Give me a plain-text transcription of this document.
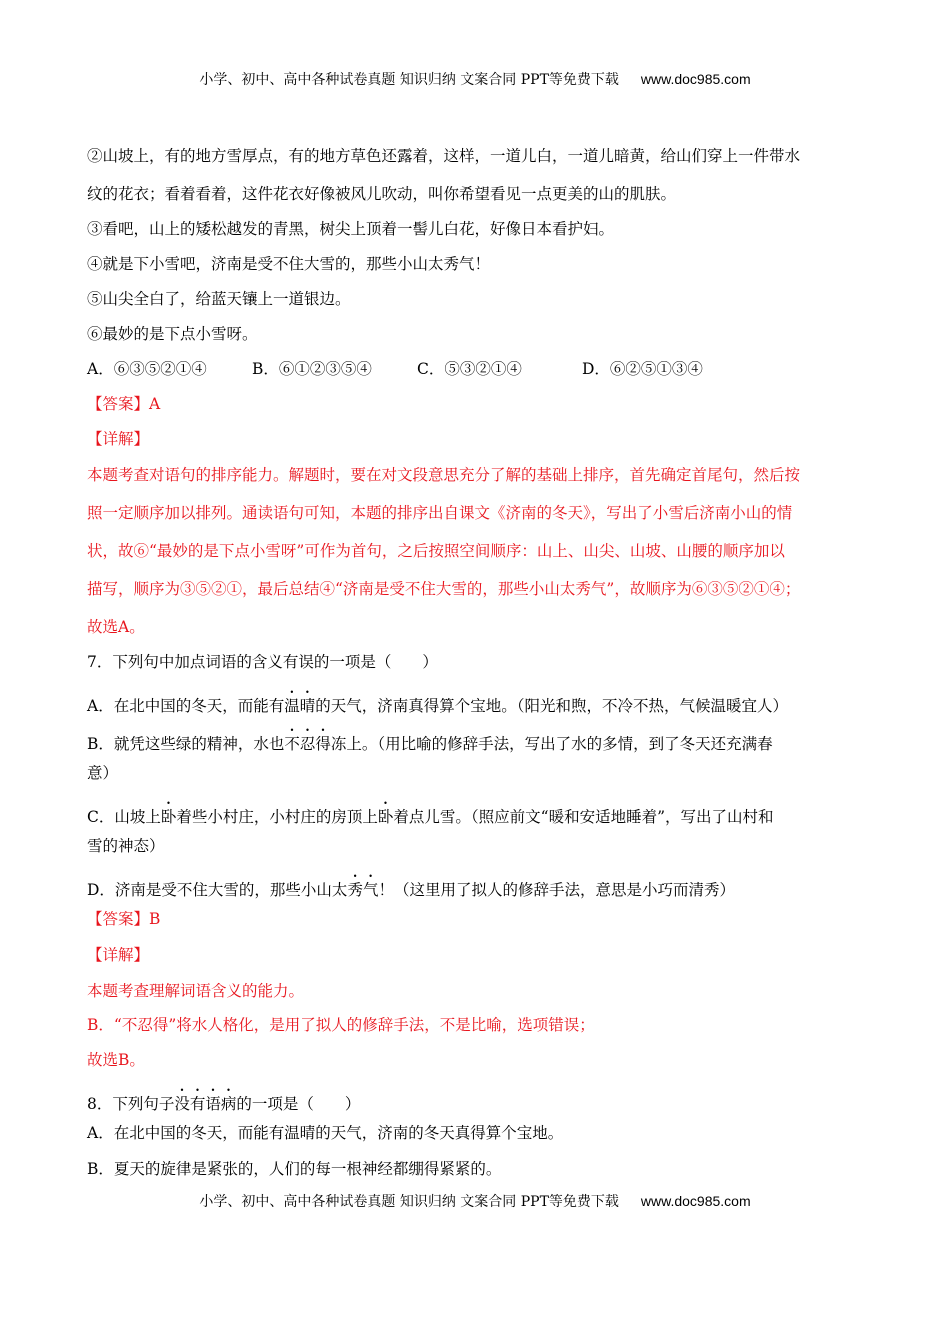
小学、初中、高中各种试卷真题 知识归纳 文案合同 PPT等免费下载 www.doc985.com
②山坡上，有的地方雪厚点，有的地方草色还露着，这样，一道儿白，一道儿暗黄，给山们穿上一件带水
纹的花衣；看着看着，这件花衣好像被风儿吹动，叫你希望看见一点更美的山的肌肤。
③看吧，山上的矮松越发的青黑，树尖上顶着一髻儿白花，好像日本看护妇。
④就是下小雪吧，济南是受不住大雪的，那些小山太秀气！
⑤山尖全白了，给蓝天镶上一道银边。
⑥最妙的是下点小雪呀。
A．⑥③⑤②①④	B．⑥①②③⑤④	C．⑤③②①④	D．⑥②⑤①③④
【答案】A
【详解】
本题考查对语句的排序能力。解题时，要在对文段意思充分了解的基础上排序，首先确定首尾句，然后按
照一定顺序加以排列。通读语句可知，本题的排序出自课文《济南的冬天》，写出了小雪后济南小山的情
状，故⑥“最妙的是下点小雪呀”可作为首句，之后按照空间顺序：山上、山尖、山坡、山腰的顺序加以
描写，顺序为③⑤②①，最后总结④“济南是受不住大雪的，那些小山太秀气”，故顺序为⑥③⑤②①④；
故选A。
7．下列句中加点词语的含义有误的一项是（　　）
A．在北中国的冬天，而能有温晴的天气，济南真得算个宝地。（阳光和煦，不冷不热，气候温暖宜人）
B．就凭这些绿的精神，水也不忍得冻上。（用比喻的修辞手法，写出了水的多情，到了冬天还充满春
意）
C．山坡上卧着些小村庄，小村庄的房顶上卧着点儿雪。（照应前文“暖和安适地睡着”，写出了山村和
雪的神态）
D．济南是受不住大雪的，那些小山太秀气！（这里用了拟人的修辞手法，意思是小巧而清秀）
【答案】B
【详解】
本题考查理解词语含义的能力。
B．“不忍得”将水人格化，是用了拟人的修辞手法，不是比喻，选项错误；
故选B。
8．下列句子没有语病的一项是（　　）
A．在北中国的冬天，而能有温晴的天气，济南的冬天真得算个宝地。
B．夏天的旋律是紧张的，人们的每一根神经都绷得紧紧的。
小学、初中、高中各种试卷真题 知识归纳 文案合同 PPT等免费下载 www.doc985.com
